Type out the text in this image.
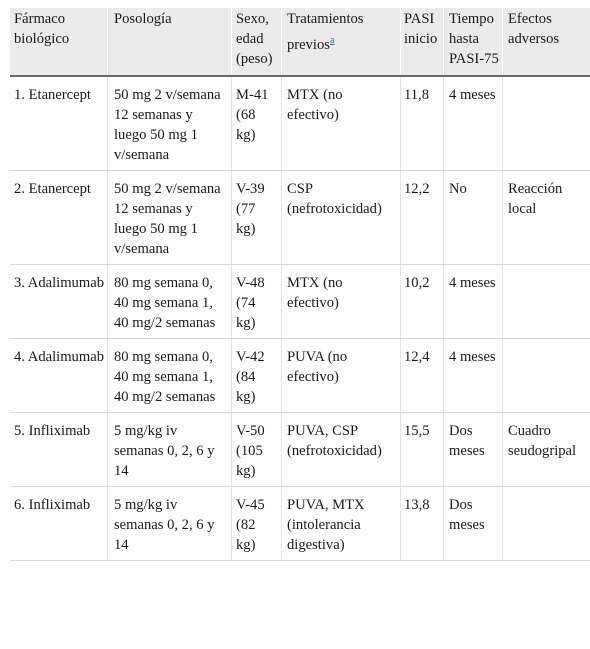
Fármaco biológico	Posología	Sexo, edad (peso)	Tratamientos previos$^a$	PASI inicio	Tiempo hasta PASI-75	Efectos adversos
1. Etanercept	50 mg 2 v/semana 12 semanas y luego 50 mg 1 v/semana	M-41 (68 kg)	MTX (no efectivo)	11,8	4 meses	
2. Etanercept	50 mg 2 v/semana 12 semanas y luego 50 mg 1 v/semana	V-39 (77 kg)	CSP (nefrotoxicidad)	12,2	No	Reacción local
3. Adalimumab	80 mg semana 0, 40 mg semana 1, 40 mg/2 semanas	V-48 (74 kg)	MTX (no efectivo)	10,2	4 meses	
4. Adalimumab	80 mg semana 0, 40 mg semana 1, 40 mg/2 semanas	V-42 (84 kg)	PUVA (no efectivo)	12,4	4 meses	
5. Infliximab	5 mg/kg iv semanas 0, 2, 6 y 14	V-50 (105 kg)	PUVA, CSP (nefrotoxicidad)	15,5	Dos meses	Cuadro seudogripal
6. Infliximab	5 mg/kg iv semanas 0, 2, 6 y 14	V-45 (82 kg)	PUVA, MTX (intolerancia digestiva)	13,8	Dos meses	
